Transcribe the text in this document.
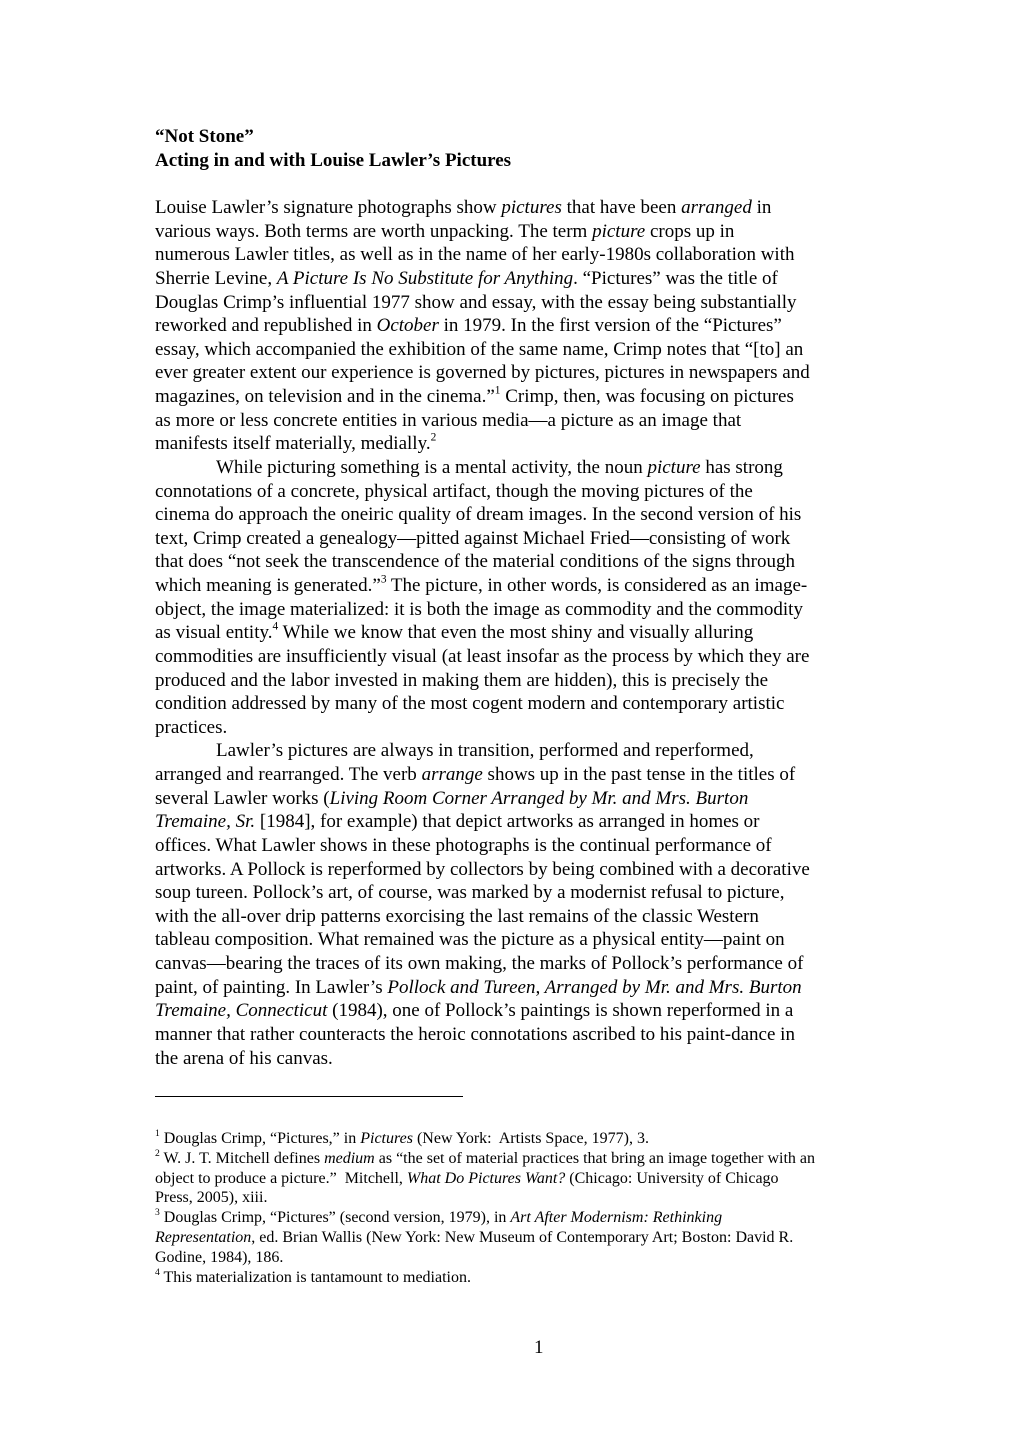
“Not Stone”
Acting in and with Louise Lawler’s Pictures
Louise Lawler’s signature photographs show pictures that have been arranged in
various ways. Both terms are worth unpacking. The term picture crops up in
numerous Lawler titles, as well as in the name of her early-1980s collaboration with
Sherrie Levine, A Picture Is No Substitute for Anything. “Pictures” was the title of
Douglas Crimp’s influential 1977 show and essay, with the essay being substantially
reworked and republished in October in 1979. In the first version of the “Pictures”
essay, which accompanied the exhibition of the same name, Crimp notes that “[to] an
ever greater extent our experience is governed by pictures, pictures in newspapers and
magazines, on television and in the cinema.”$^1$ Crimp, then, was focusing on pictures
as more or less concrete entities in various media—a picture as an image that
manifests itself materially, medially.$^2$
While picturing something is a mental activity, the noun picture has strong
connotations of a concrete, physical artifact, though the moving pictures of the
cinema do approach the oneiric quality of dream images. In the second version of his
text, Crimp created a genealogy—pitted against Michael Fried—consisting of work
that does “not seek the transcendence of the material conditions of the signs through
which meaning is generated.”$^3$ The picture, in other words, is considered as an image-
object, the image materialized: it is both the image as commodity and the commodity
as visual entity.$^4$ While we know that even the most shiny and visually alluring
commodities are insufficiently visual (at least insofar as the process by which they are
produced and the labor invested in making them are hidden), this is precisely the
condition addressed by many of the most cogent modern and contemporary artistic
practices.
Lawler’s pictures are always in transition, performed and reperformed,
arranged and rearranged. The verb arrange shows up in the past tense in the titles of
several Lawler works (Living Room Corner Arranged by Mr. and Mrs. Burton
Tremaine, Sr. [1984], for example) that depict artworks as arranged in homes or
offices. What Lawler shows in these photographs is the continual performance of
artworks. A Pollock is reperformed by collectors by being combined with a decorative
soup tureen. Pollock’s art, of course, was marked by a modernist refusal to picture,
with the all-over drip patterns exorcising the last remains of the classic Western
tableau composition. What remained was the picture as a physical entity—paint on
canvas—bearing the traces of its own making, the marks of Pollock’s performance of
paint, of painting. In Lawler’s Pollock and Tureen, Arranged by Mr. and Mrs. Burton
Tremaine, Connecticut (1984), one of Pollock’s paintings is shown reperformed in a
manner that rather counteracts the heroic connotations ascribed to his paint-dance in
the arena of his canvas.
$^1$ Douglas Crimp, “Pictures,” in Pictures (New York:  Artists Space, 1977), 3.
$^2$ W. J. T. Mitchell defines medium as “the set of material practices that bring an image together with an
object to produce a picture.”  Mitchell, What Do Pictures Want? (Chicago: University of Chicago
Press, 2005), xiii.
$^3$ Douglas Crimp, “Pictures” (second version, 1979), in Art After Modernism: Rethinking
Representation, ed. Brian Wallis (New York: New Museum of Contemporary Art; Boston: David R.
Godine, 1984), 186.
$^4$ This materialization is tantamount to mediation.
1
